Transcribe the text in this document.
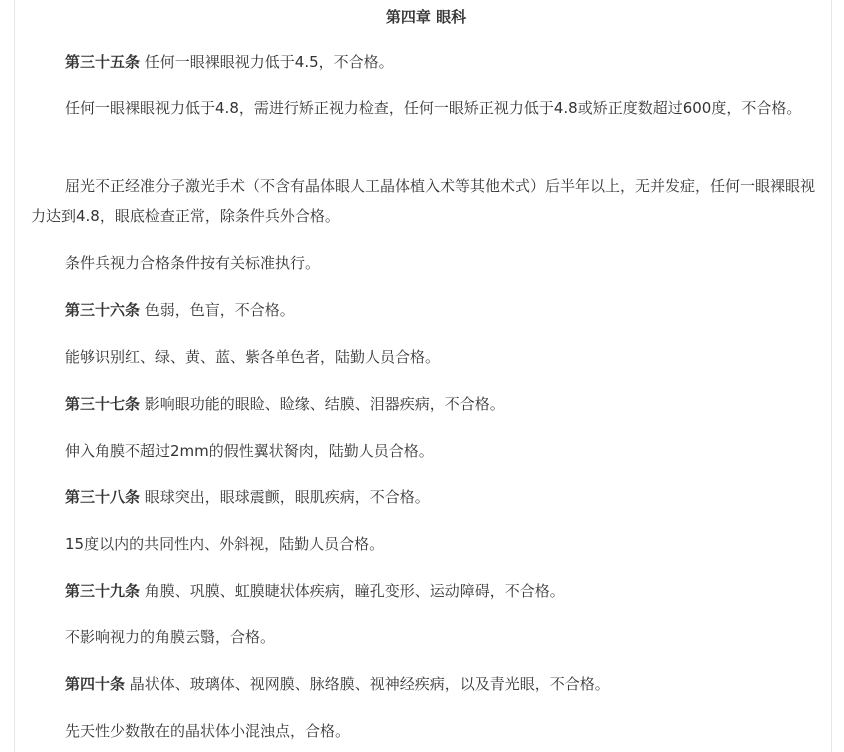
第四章 眼科

第三十五条 任何一眼裸眼视力低于4.5，不合格。

任何一眼裸眼视力低于4.8，需进行矫正视力检查，任何一眼矫正视力低于4.8或矫正度数超过600度，不合格。

屈光不正经准分子激光手术（不含有晶体眼人工晶体植入术等其他术式）后半年以上，无并发症，任何一眼裸眼视力达到4.8，眼底检查正常，除条件兵外合格。

条件兵视力合格条件按有关标准执行。

第三十六条 色弱，色盲，不合格。

能够识别红、绿、黄、蓝、紫各单色者，陆勤人员合格。

第三十七条 影响眼功能的眼睑、睑缘、结膜、泪器疾病，不合格。

伸入角膜不超过2mm的假性翼状胬肉，陆勤人员合格。

第三十八条 眼球突出，眼球震颤，眼肌疾病，不合格。

15度以内的共同性内、外斜视，陆勤人员合格。

第三十九条 角膜、巩膜、虹膜睫状体疾病，瞳孔变形、运动障碍，不合格。

不影响视力的角膜云翳，合格。

第四十条 晶状体、玻璃体、视网膜、脉络膜、视神经疾病，以及青光眼，不合格。

先天性少数散在的晶状体小混浊点，合格。
